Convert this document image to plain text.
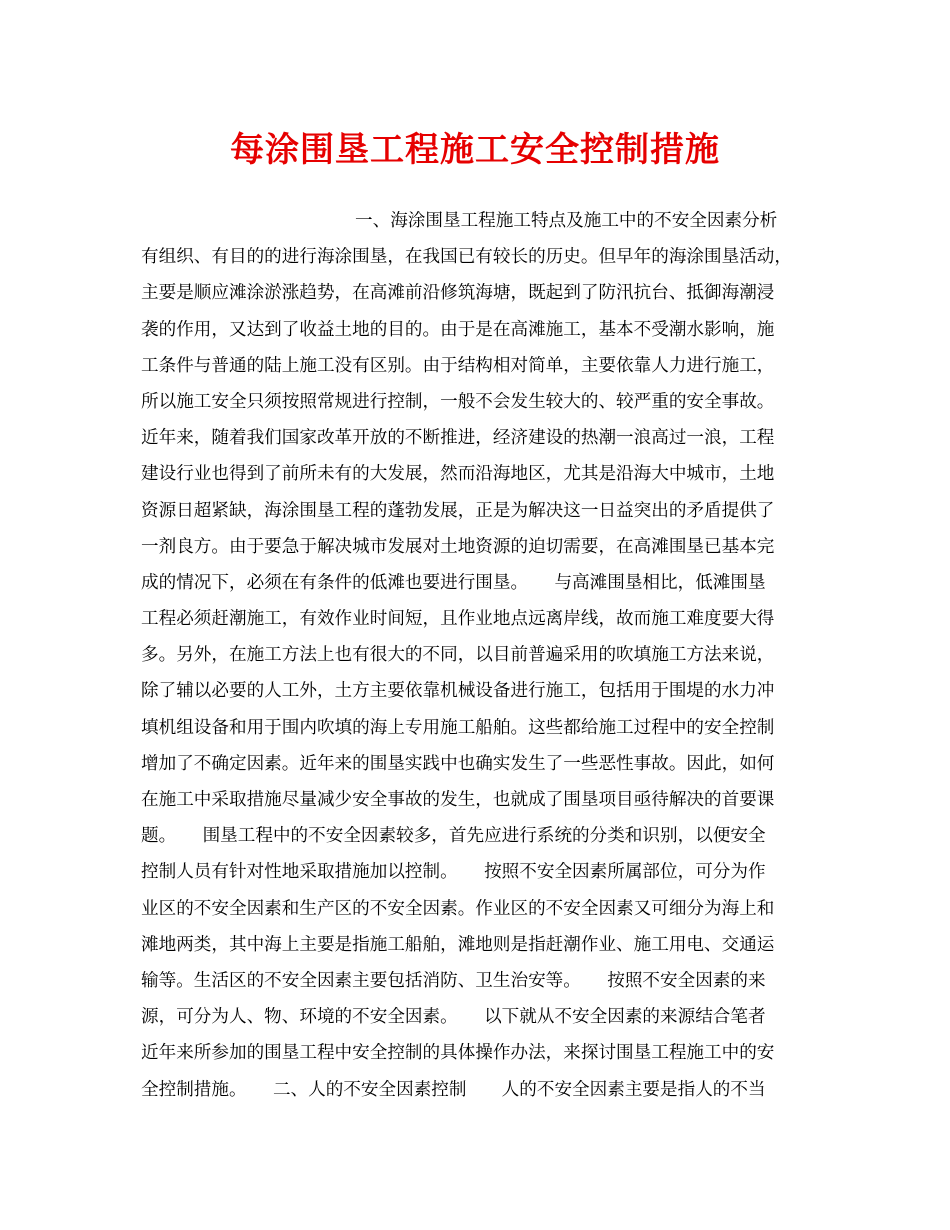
每涂围垦工程施工安全控制措施
一、海涂围垦工程施工特点及施工中的不安全因素分析
有组织、有目的的进行海涂围垦，在我国已有较长的历史。但早年的海涂围垦活动，
主要是顺应滩涂淤涨趋势，在高滩前沿修筑海塘，既起到了防汛抗台、抵御海潮浸
袭的作用，又达到了收益土地的目的。由于是在高滩施工，基本不受潮水影响，施
工条件与普通的陆上施工没有区别。由于结构相对简单，主要依靠人力进行施工，
所以施工安全只须按照常规进行控制，一般不会发生较大的、较严重的安全事故。
近年来，随着我们国家改革开放的不断推进，经济建设的热潮一浪高过一浪，工程
建设行业也得到了前所未有的大发展，然而沿海地区，尤其是沿海大中城市，土地
资源日超紧缺，海涂围垦工程的蓬勃发展，正是为解决这一日益突出的矛盾提供了
一剂良方。由于要急于解决城市发展对土地资源的迫切需要，在高滩围垦已基本完
成的情况下，必须在有条件的低滩也要进行围垦。　　与高滩围垦相比，低滩围垦
工程必须赶潮施工，有效作业时间短，且作业地点远离岸线，故而施工难度要大得
多。另外，在施工方法上也有很大的不同，以目前普遍采用的吹填施工方法来说，
除了辅以必要的人工外，土方主要依靠机械设备进行施工，包括用于围堤的水力冲
填机组设备和用于围内吹填的海上专用施工船舶。这些都给施工过程中的安全控制
增加了不确定因素。近年来的围垦实践中也确实发生了一些恶性事故。因此，如何
在施工中采取措施尽量减少安全事故的发生，也就成了围垦项目亟待解决的首要课
题。　　围垦工程中的不安全因素较多，首先应进行系统的分类和识别，以便安全
控制人员有针对性地采取措施加以控制。　　按照不安全因素所属部位，可分为作
业区的不安全因素和生产区的不安全因素。作业区的不安全因素又可细分为海上和
滩地两类，其中海上主要是指施工船舶，滩地则是指赶潮作业、施工用电、交通运
输等。生活区的不安全因素主要包括消防、卫生治安等。　　按照不安全因素的来
源，可分为人、物、环境的不安全因素。　　以下就从不安全因素的来源结合笔者
近年来所参加的围垦工程中安全控制的具体操作办法，来探讨围垦工程施工中的安
全控制措施。　　二、人的不安全因素控制　　人的不安全因素主要是指人的不当
